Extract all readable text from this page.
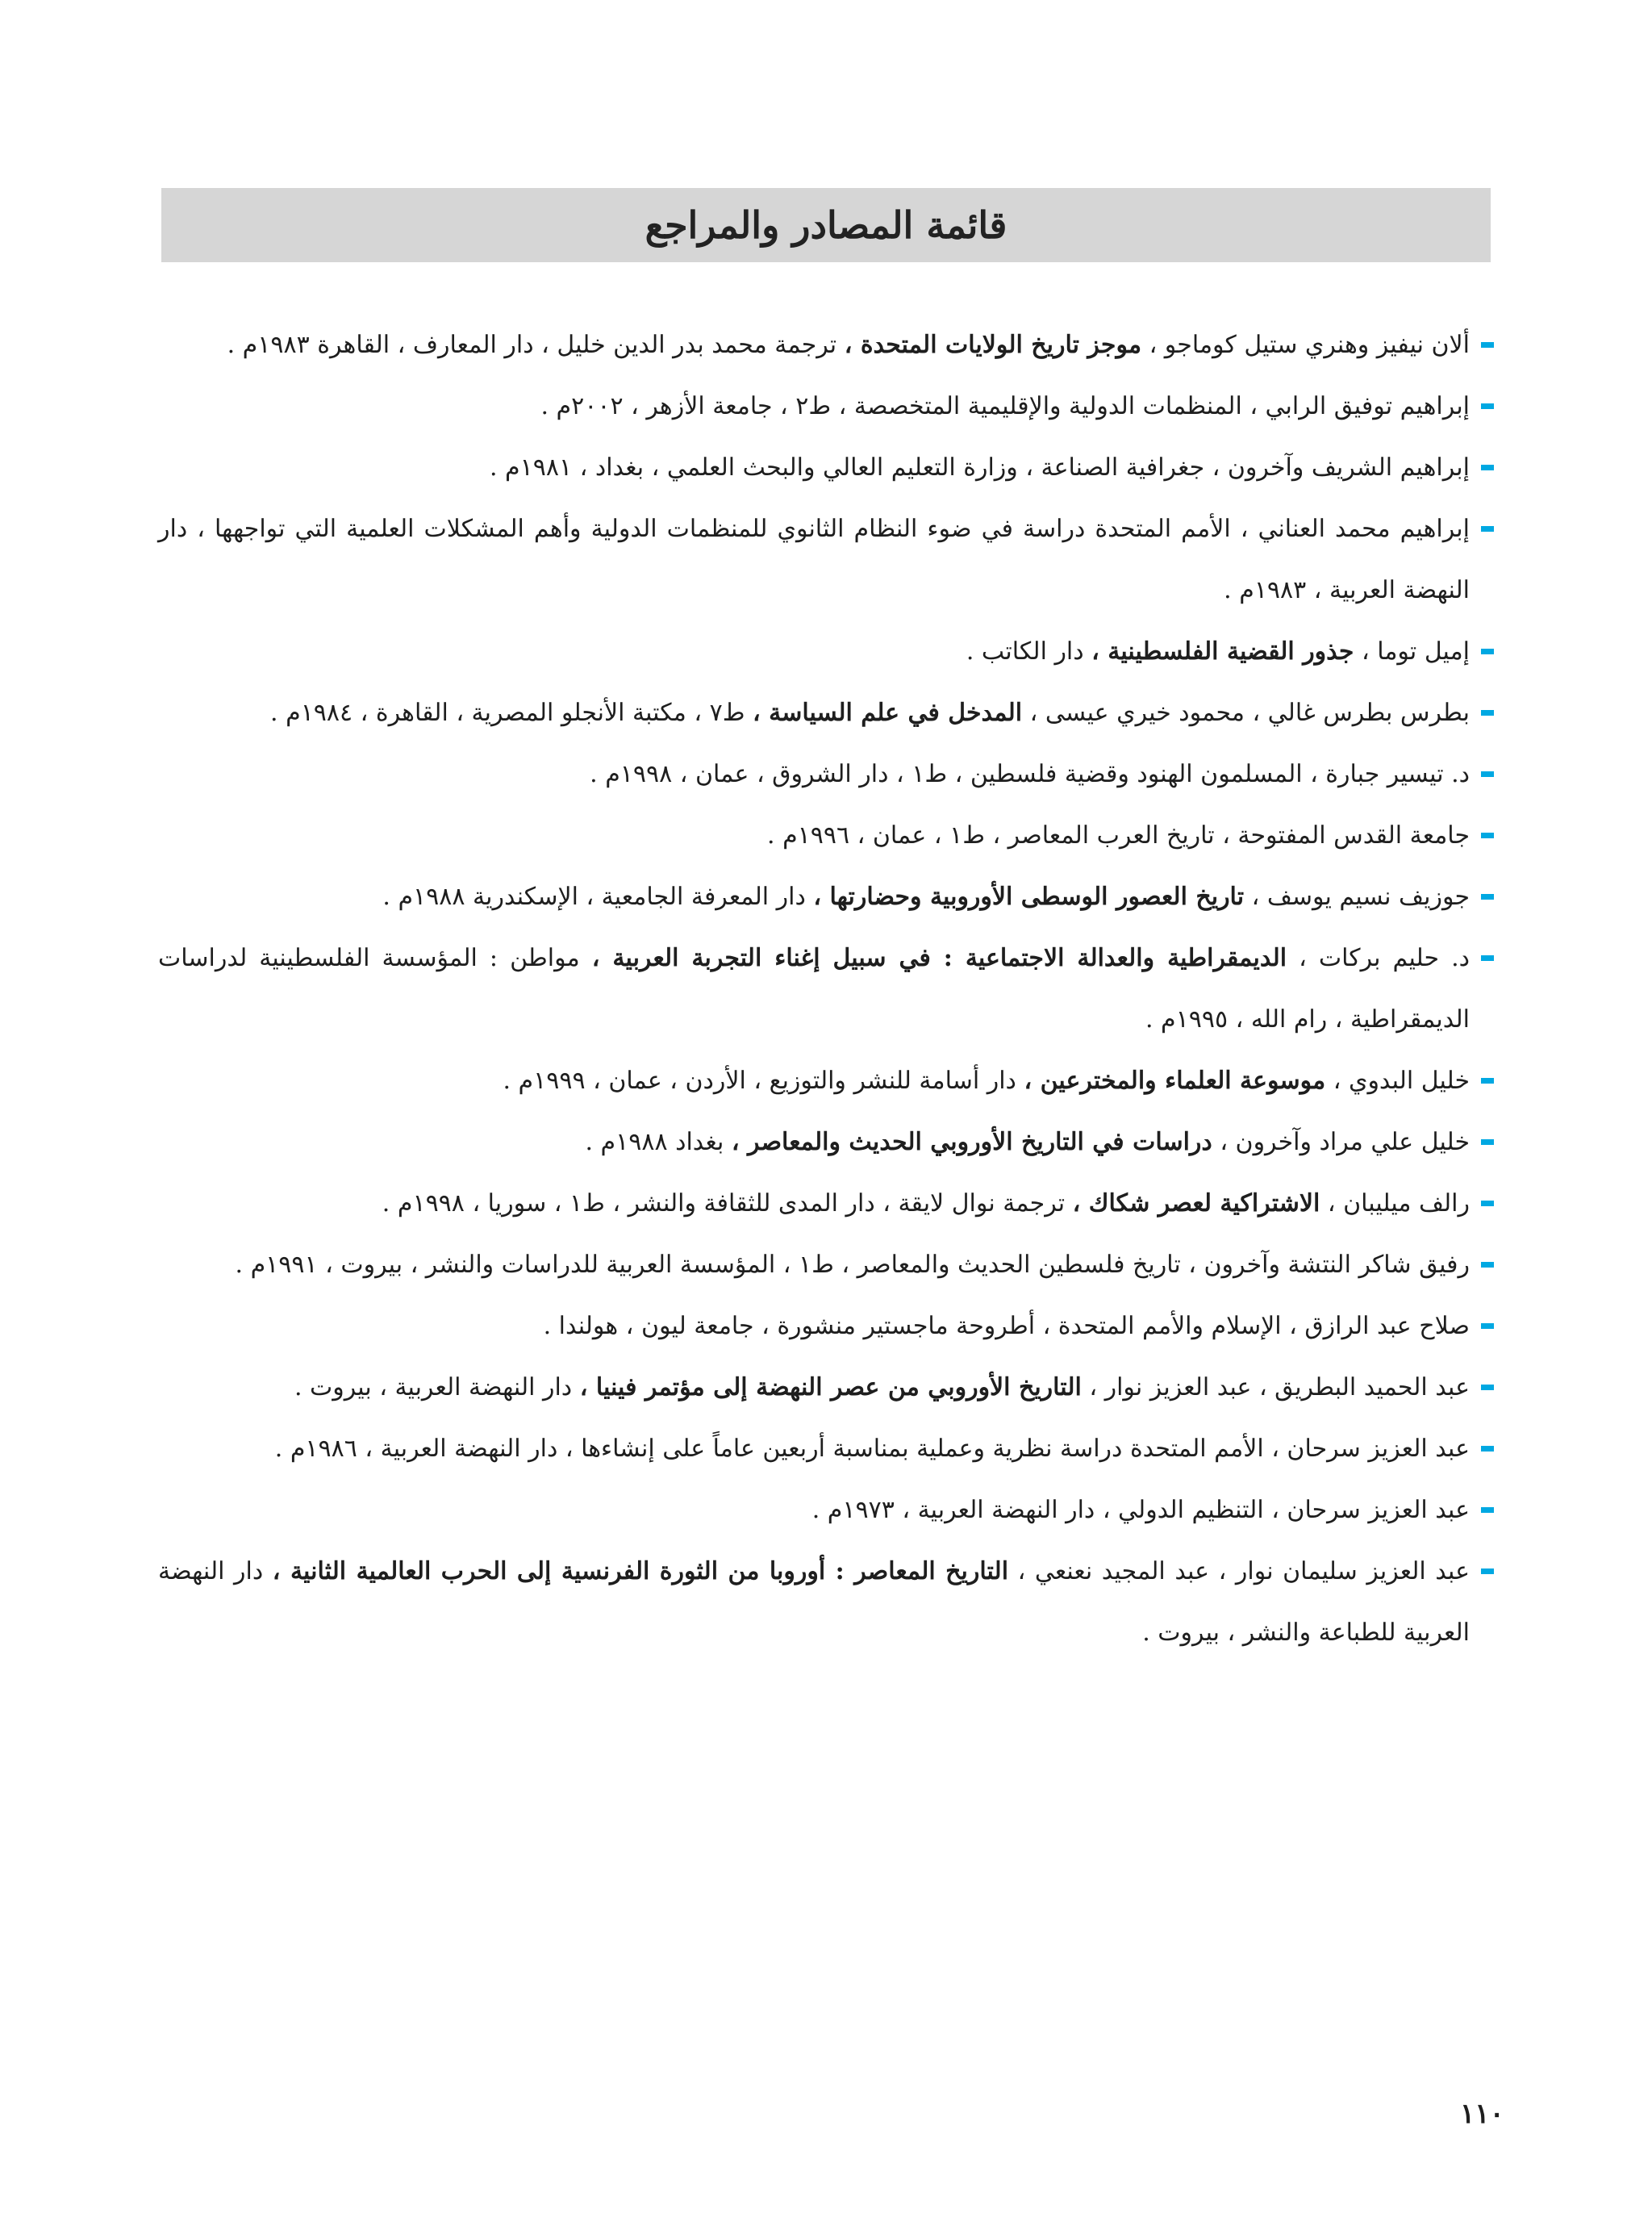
قائمة المصادر والمراجع
ألان نيفيز وهنري ستيل كوماجو ، موجز تاريخ الولايات المتحدة ، ترجمة محمد بدر الدين خليل ، دار المعارف ، القاهرة ١٩٨٣م .
إبراهيم توفيق الرابي ، المنظمات الدولية والإقليمية المتخصصة ، ط٢ ، جامعة الأزهر ، ٢٠٠٢م .
إبراهيم الشريف وآخرون ، جغرافية الصناعة ، وزارة التعليم العالي والبحث العلمي ، بغداد ، ١٩٨١م .
إبراهيم محمد العناني ، الأمم المتحدة دراسة في ضوء النظام الثانوي للمنظمات الدولية وأهم المشكلات العلمية التي تواجهها ، دار النهضة العربية ، ١٩٨٣م .
إميل توما ، جذور القضية الفلسطينية ، دار الكاتب .
بطرس بطرس غالي ، محمود خيري عيسى ، المدخل في علم السياسة ، ط٧ ، مكتبة الأنجلو المصرية ، القاهرة ، ١٩٨٤م .
د. تيسير جبارة ، المسلمون الهنود وقضية فلسطين ، ط١ ، دار الشروق ، عمان ، ١٩٩٨م .
جامعة القدس المفتوحة ، تاريخ العرب المعاصر ، ط١ ، عمان ، ١٩٩٦م .
جوزيف نسيم يوسف ، تاريخ العصور الوسطى الأوروبية وحضارتها ، دار المعرفة الجامعية ، الإسكندرية ١٩٨٨م .
د. حليم بركات ، الديمقراطية والعدالة الاجتماعية : في سبيل إغناء التجربة العربية ، مواطن : المؤسسة الفلسطينية لدراسات الديمقراطية ، رام الله ، ١٩٩٥م .
خليل البدوي ، موسوعة العلماء والمخترعين ، دار أسامة للنشر والتوزيع ، الأردن ، عمان ، ١٩٩٩م .
خليل علي مراد وآخرون ، دراسات في التاريخ الأوروبي الحديث والمعاصر ، بغداد ١٩٨٨م .
رالف ميليبان ، الاشتراكية لعصر شكاك ، ترجمة نوال لايقة ، دار المدى للثقافة والنشر ، ط١ ، سوريا ، ١٩٩٨م .
رفيق شاكر النتشة وآخرون ، تاريخ فلسطين الحديث والمعاصر ، ط١ ، المؤسسة العربية للدراسات والنشر ، بيروت ، ١٩٩١م .
صلاح عبد الرازق ، الإسلام والأمم المتحدة ، أطروحة ماجستير منشورة ، جامعة ليون ، هولندا .
عبد الحميد البطريق ، عبد العزيز نوار ، التاريخ الأوروبي من عصر النهضة إلى مؤتمر فينيا ، دار النهضة العربية ، بيروت .
عبد العزيز سرحان ، الأمم المتحدة دراسة نظرية وعملية بمناسبة أربعين عاماً على إنشاءها ، دار النهضة العربية ، ١٩٨٦م .
عبد العزيز سرحان ، التنظيم الدولي ، دار النهضة العربية ، ١٩٧٣م .
عبد العزيز سليمان نوار ، عبد المجيد نعنعي ، التاريخ المعاصر : أوروبا من الثورة الفرنسية إلى الحرب العالمية الثانية ، دار النهضة العربية للطباعة والنشر ، بيروت .
١١٠
